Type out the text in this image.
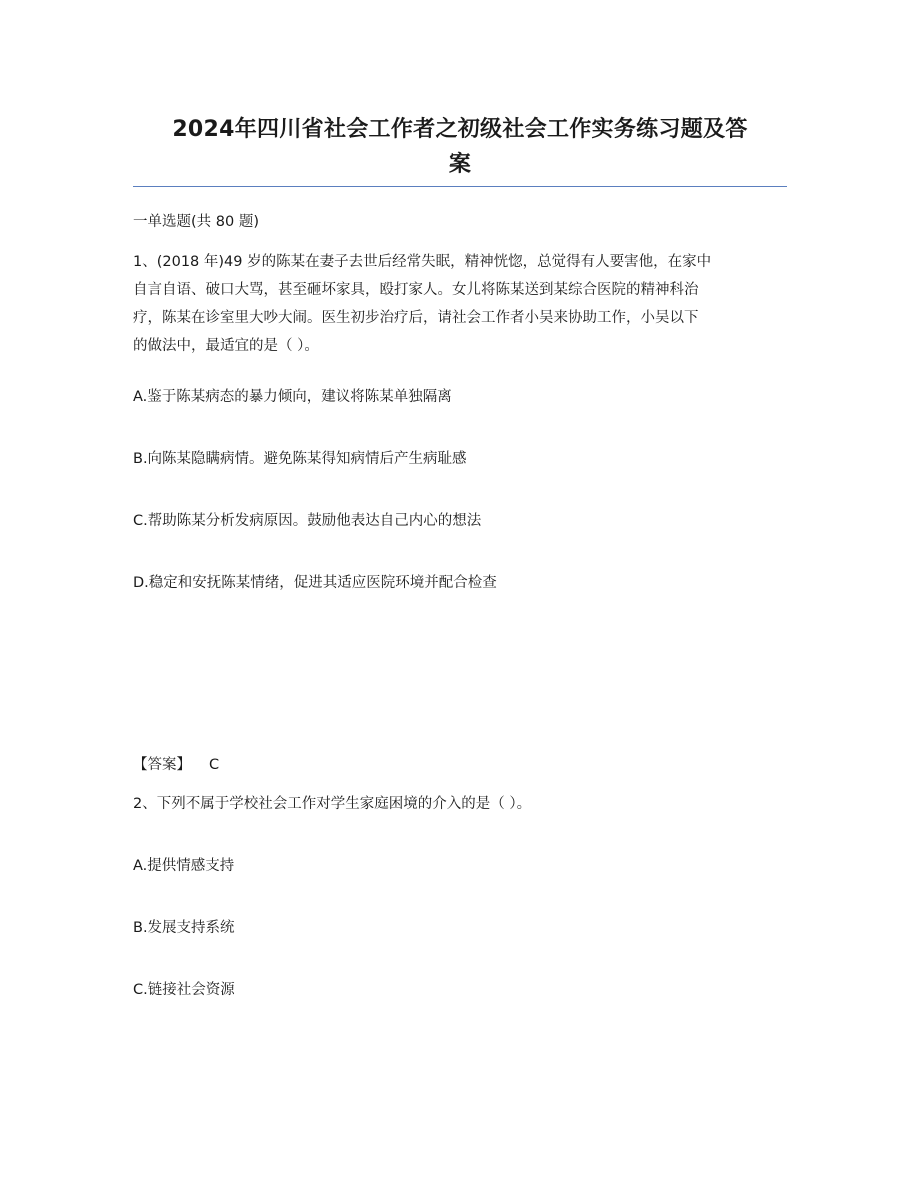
2024年四川省社会工作者之初级社会工作实务练习题及答
案

一单选题(共 80 题)

1、(2018 年)49 岁的陈某在妻子去世后经常失眠，精神恍惚，总觉得有人要害他，在家中
自言自语、破口大骂，甚至砸坏家具，殴打家人。女儿将陈某送到某综合医院的精神科治
疗，陈某在诊室里大吵大闹。医生初步治疗后，请社会工作者小吴来协助工作，小吴以下
的做法中，最适宜的是（ ）。

A.鉴于陈某病态的暴力倾向，建议将陈某单独隔离

B.向陈某隐瞒病情。避免陈某得知病情后产生病耻感

C.帮助陈某分析发病原因。鼓励他表达自己内心的想法

D.稳定和安抚陈某情绪，促进其适应医院环境并配合检查

【答案】 C

2、下列不属于学校社会工作对学生家庭困境的介入的是（ ）。

A.提供情感支持

B.发展支持系统

C.链接社会资源
